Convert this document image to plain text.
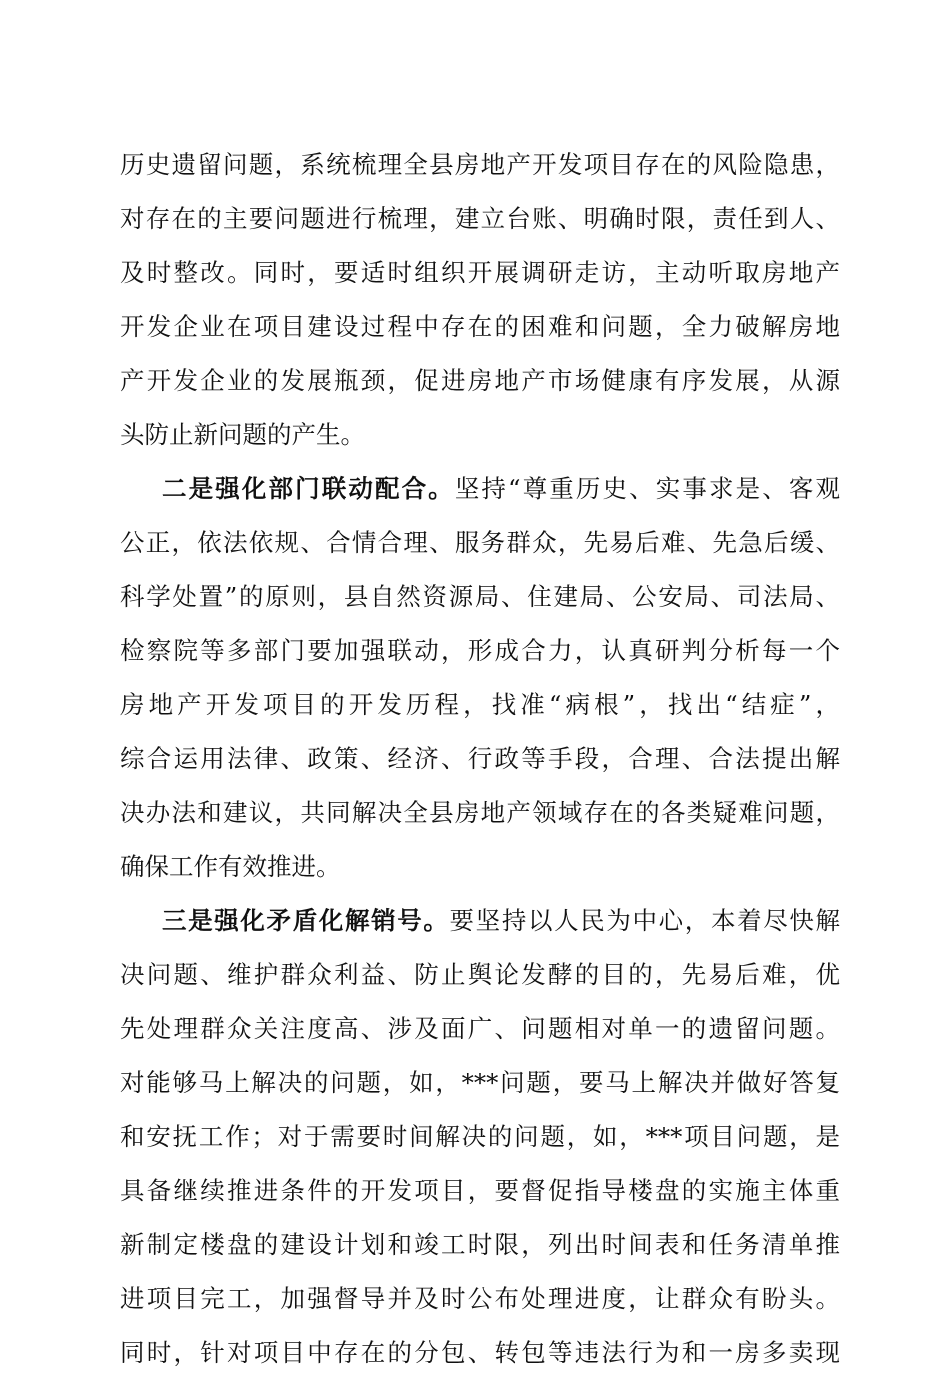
历史遗留问题，系统梳理全县房地产开发项目存在的风险隐患，
对存在的主要问题进行梳理，建立台账、明确时限，责任到人、
及时整改。同时，要适时组织开展调研走访，主动听取房地产
开发企业在项目建设过程中存在的困难和问题，全力破解房地
产开发企业的发展瓶颈，促进房地产市场健康有序发展，从源
头防止新问题的产生。
二是强化部门联动配合。坚持“尊重历史、实事求是、客观
公正，依法依规、合情合理、服务群众，先易后难、先急后缓、
科学处置”的原则，县自然资源局、住建局、公安局、司法局、
检察院等多部门要加强联动，形成合力，认真研判分析每一个
房地产开发项目的开发历程，找准“病根”，找出“结症”，
综合运用法律、政策、经济、行政等手段，合理、合法提出解
决办法和建议，共同解决全县房地产领域存在的各类疑难问题，
确保工作有效推进。
三是强化矛盾化解销号。要坚持以人民为中心，本着尽快解
决问题、维护群众利益、防止舆论发酵的目的，先易后难，优
先处理群众关注度高、涉及面广、问题相对单一的遗留问题。
对能够马上解决的问题，如，***问题，要马上解决并做好答复
和安抚工作；对于需要时间解决的问题，如，***项目问题，是
具备继续推进条件的开发项目，要督促指导楼盘的实施主体重
新制定楼盘的建设计划和竣工时限，列出时间表和任务清单推
进项目完工，加强督导并及时公布处理进度，让群众有盼头。
同时，针对项目中存在的分包、转包等违法行为和一房多卖现
